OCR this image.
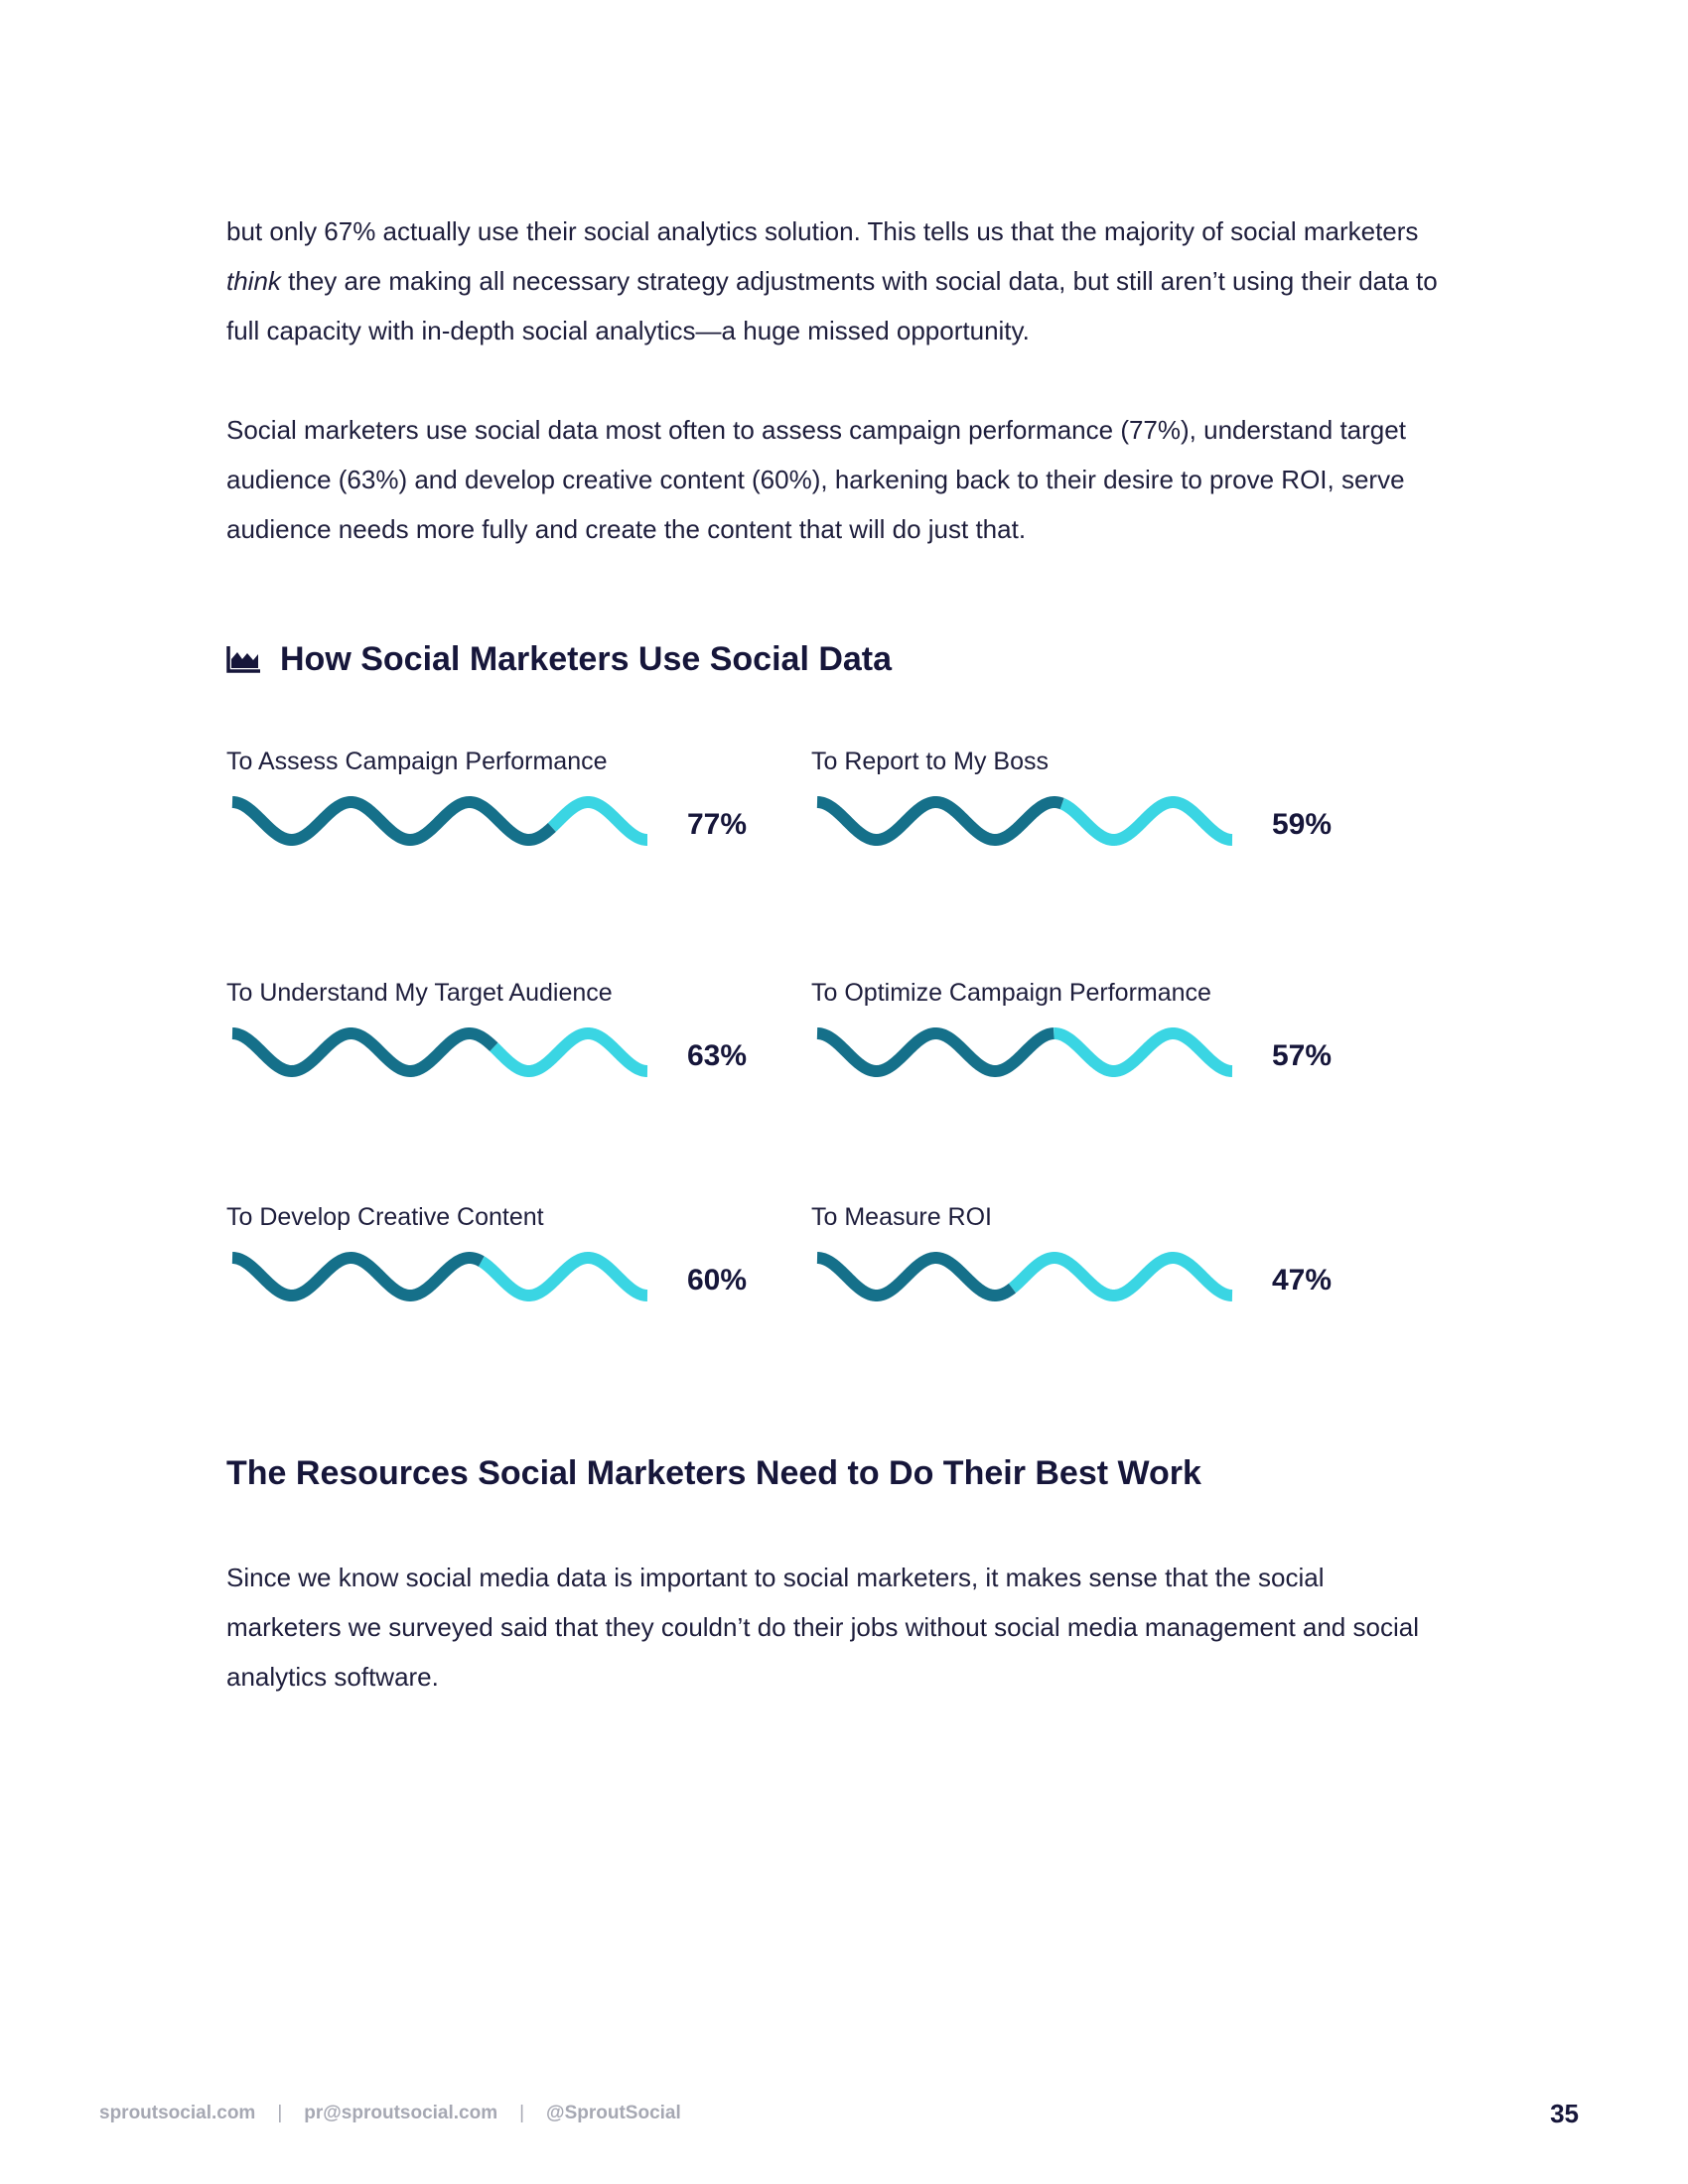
but only 67% actually use their social analytics solution. This tells us that the majority of social marketers think they are making all necessary strategy adjustments with social data, but still aren’t using their data to full capacity with in-depth social analytics—a huge missed opportunity.

Social marketers use social data most often to assess campaign performance (77%), understand target audience (63%) and develop creative content (60%), harkening back to their desire to prove ROI, serve audience needs more fully and create the content that will do just that.

How Social Marketers Use Social Data
To Assess Campaign Performance
77%
To Report to My Boss
59%
To Understand My Target Audience
63%
To Optimize Campaign Performance
57%
To Develop Creative Content
60%
To Measure ROI
47%
The Resources Social Marketers Need to Do Their Best Work

Since we know social media data is important to social marketers, it makes sense that the social marketers we surveyed said that they couldn’t do their jobs without social media management and social analytics software.

sproutsocial.com | pr@sproutsocial.com | @SproutSocial	35
